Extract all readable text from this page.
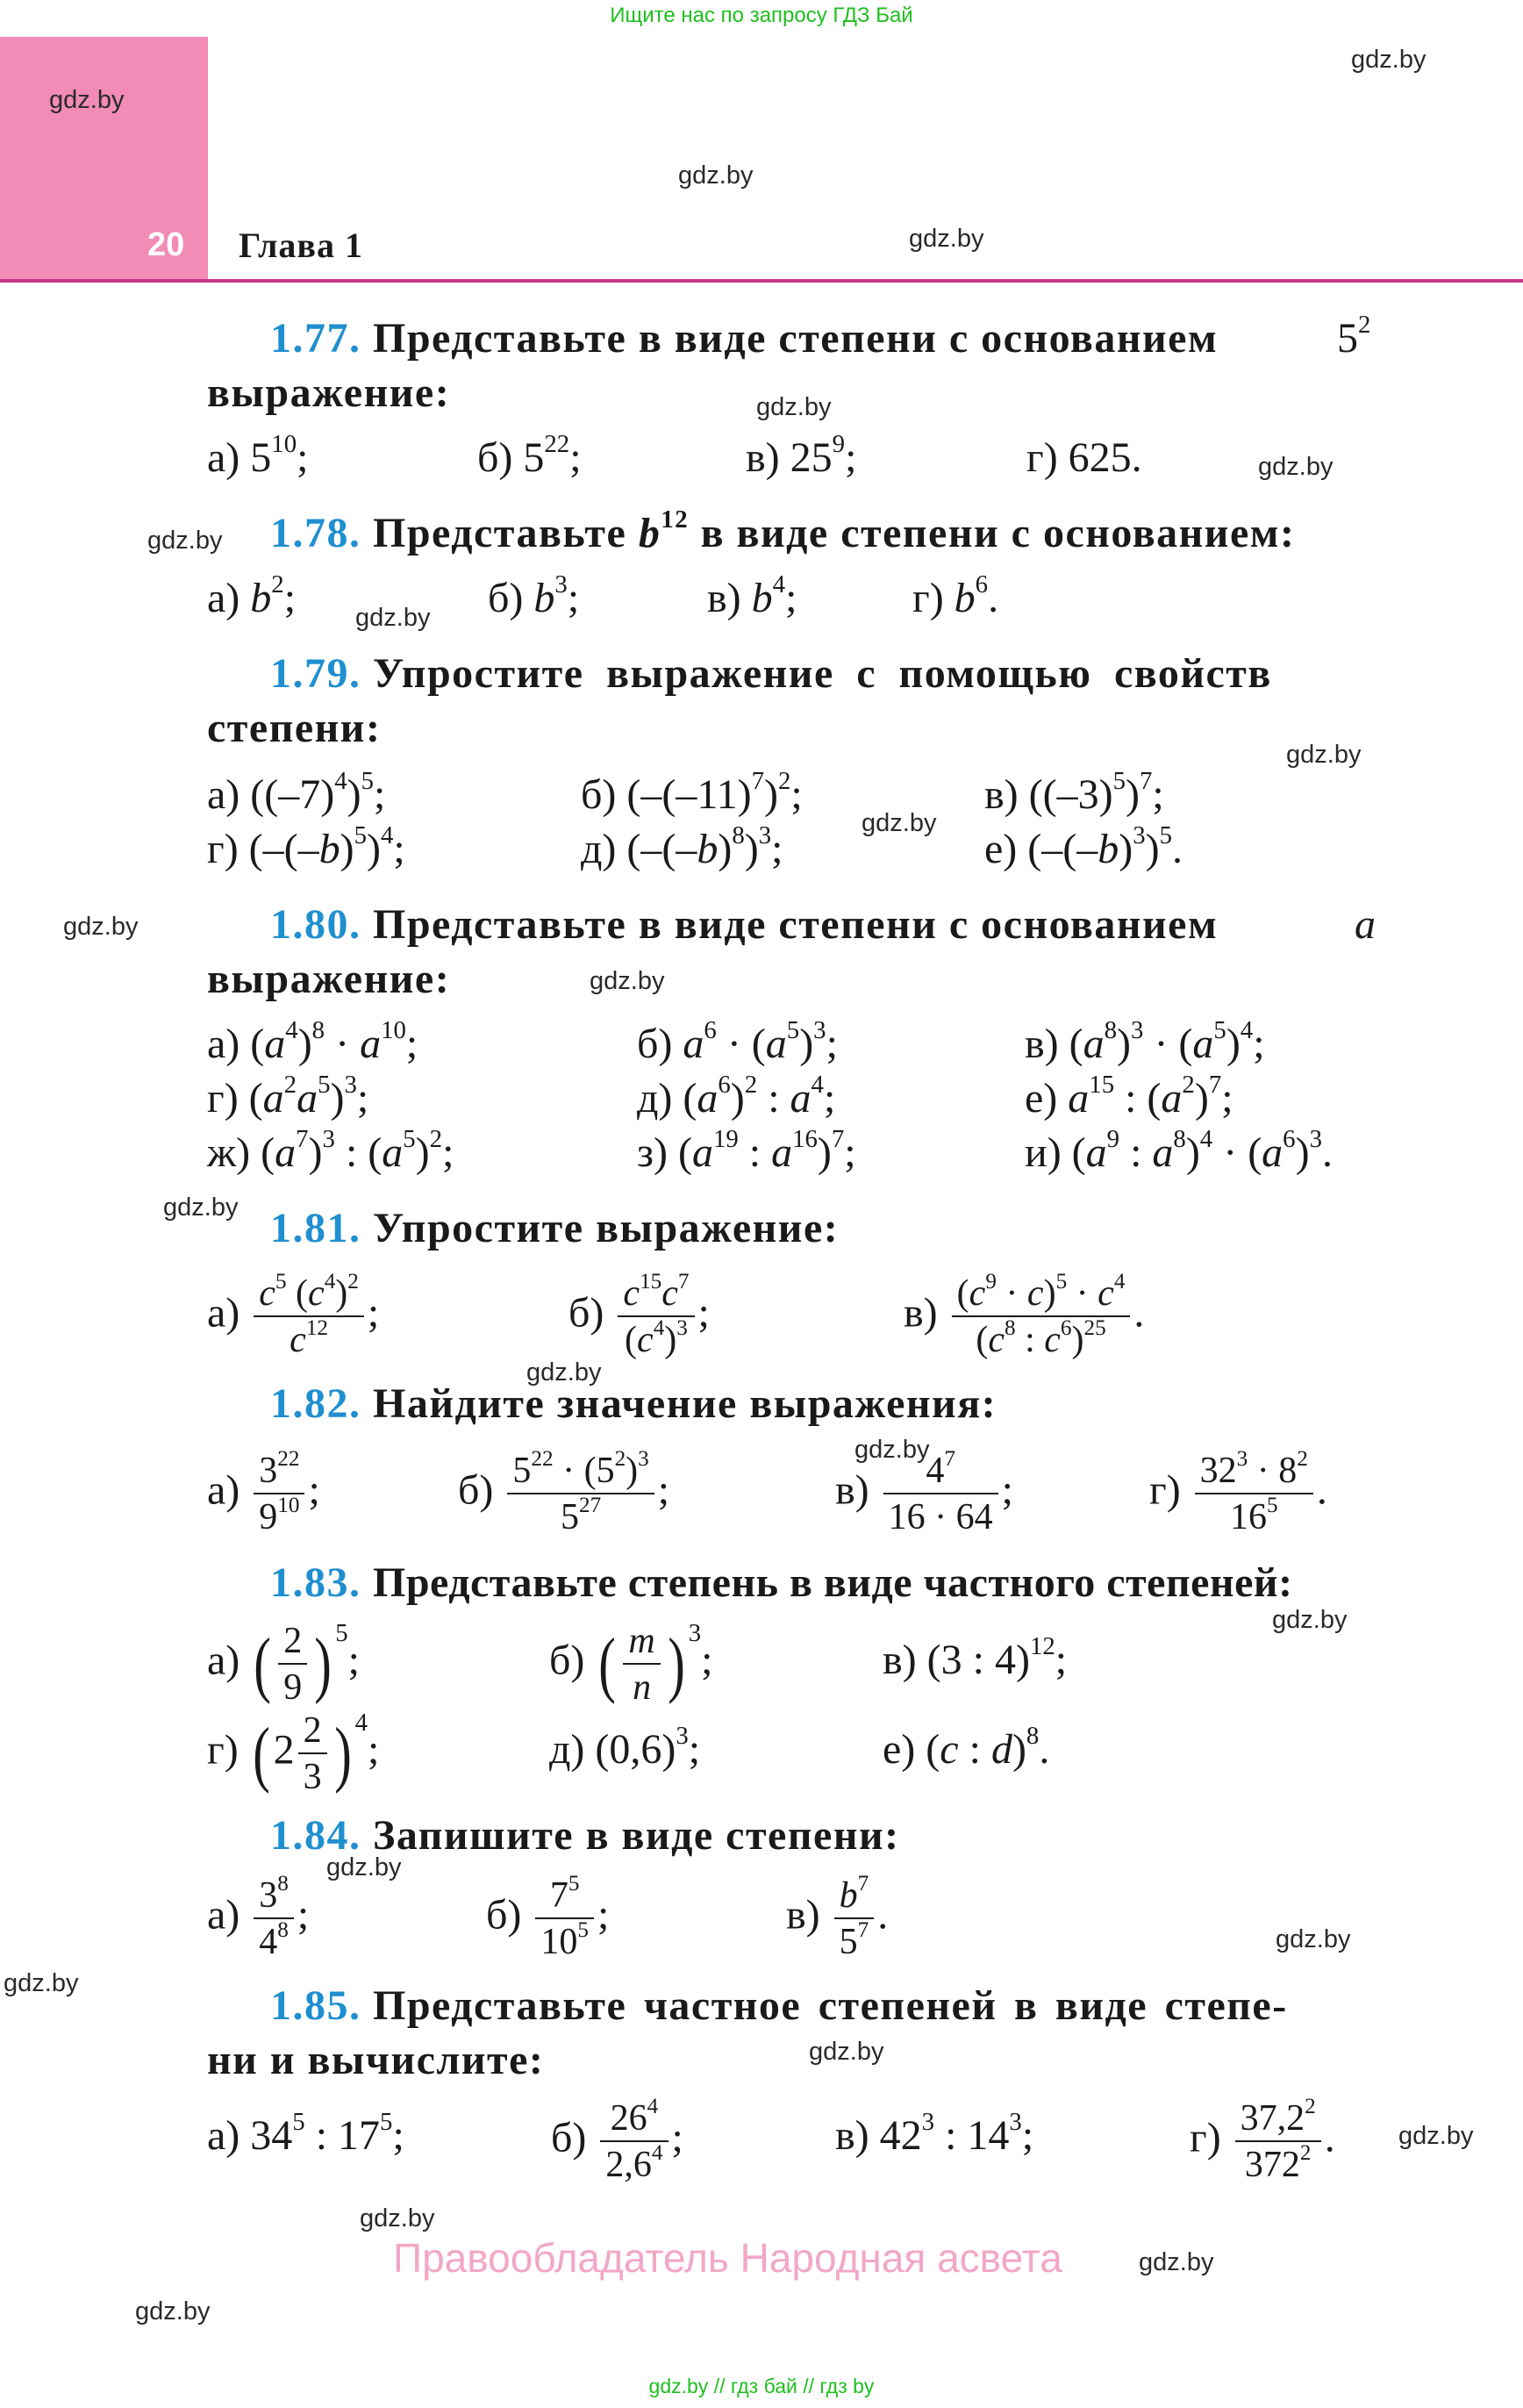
Ищите нас по запросу ГДЗ Бай
20 Глава 1
gdz.by
gdz.by
gdz.by
gdz.by
gdz.by
gdz.by
gdz.by
gdz.by
gdz.by
gdz.by
gdz.by
gdz.by
gdz.by
gdz.by
gdz.by
gdz.by
gdz.by
gdz.by
gdz.by
gdz.by
gdz.by
gdz.by
gdz.by
gdz.by
1.77. Представьте в виде степени с основанием	$5^2$
выражение:
а) $5^{10}$;	б) $5^{22}$;	в) $25^9$;	г) 625.
1.78. Представьте $b^{12}$ в виде степени с основанием:
а) $b^2$;	б) $b^3$;	в) $b^4$;	г) $b^6$.
1.79. Упростите выражение с помощью свойств
степени:
а) $((-7)^4)^5$;	б) $(-(-11)^7)^2$;	в) $((-3)^5)^7$;
г) $(-(-b)^5)^4$;	д) $(-(-b)^8)^3$;	е) $(-(-b)^3)^5$.
1.80. Представьте в виде степени с основанием	a
выражение:
а) $(a^4)^8 \cdot a^{10}$;	б) $a^6 \cdot (a^5)^3$;	в) $(a^8)^3 \cdot (a^5)^4$;
г) $(a^2a^5)^3$;	д) $(a^6)^2$ : $a^4$;	е) $a^{15}$ : $(a^2)^7$;
ж) $(a^7)^3$ : $(a^5)^2$;	з) ($a^{19}$ : $a^{16})^7$;	и) ($a^9$ : $a^8)^4 \cdot (a^6)^3$.
1.81. Упростите выражение:
$а) \frac{c^5 (c^4)^2}{c^{12}}$ ;	$б) \frac{c^{15}c^7}{(c^4)^3}$ ;	$в) \frac{(c^9 \cdot c)^5 \cdot c^4}{(c^8 : c^6)^{25}}$ .
1.82. Найдите значение выражения:
$а) \frac{3^{22}}{9^{10}}$ ;	$б) \frac{5^{22} \cdot (5^2)^3}{5^{27}}$ ;	$в) \frac{4^7}{16 \cdot 64}$ ;	$г) \frac{32^3 \cdot 8^2}{16^5}$ .
1.83. Представьте степень в виде частного степеней:
а) ( $\frac{2}{9}$ ) $^5$;	б) ( $\frac{m}{n}$ ) $^3$;	в) (3 : 4)$^{12}$;
г) ($2 \frac{2}{3}$ ) $^4$;	д) $(0,6)^3$;	е) (c : d)$^8$.
1.84. Запишите в виде степени:
$а) \frac{3^8}{4^8}$ ;	$б) \frac{7^5}{10^5}$ ;	$в) \frac{b^7}{5^7}$ .
1.85. Представьте частное степеней в виде степе-
ни и вычислите:
а) $34^5$ : $17^5$;	$б) \frac{26^4}{2,6^4}$ ;	в) $42^3$ : $14^3$;	$г) \frac{37,2^2}{372^2}$ .
Правообладатель Народная асвета
gdz.by // гдз бай // гдз by
